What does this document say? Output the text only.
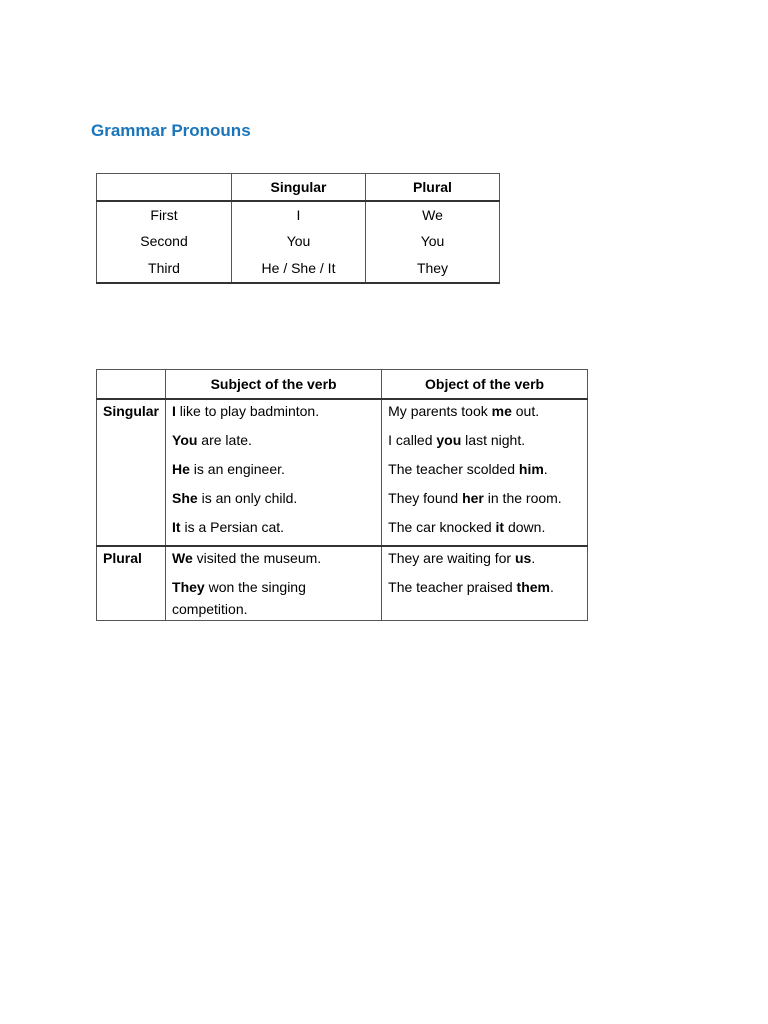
Grammar Pronouns
	Singular	Plural
First	I	We
Second	You	You
Third	He / She / It	They
	Subject of the verb	Object of the verb
Singular	I like to play badminton.	My parents took me out.
	You are late.	I called you last night.
	He is an engineer.	The teacher scolded him.
	She is an only child.	They found her in the room.
	It is a Persian cat.	The car knocked it down.
Plural	We visited the museum.	They are waiting for us.
	They won the singing competition.	The teacher praised them.
